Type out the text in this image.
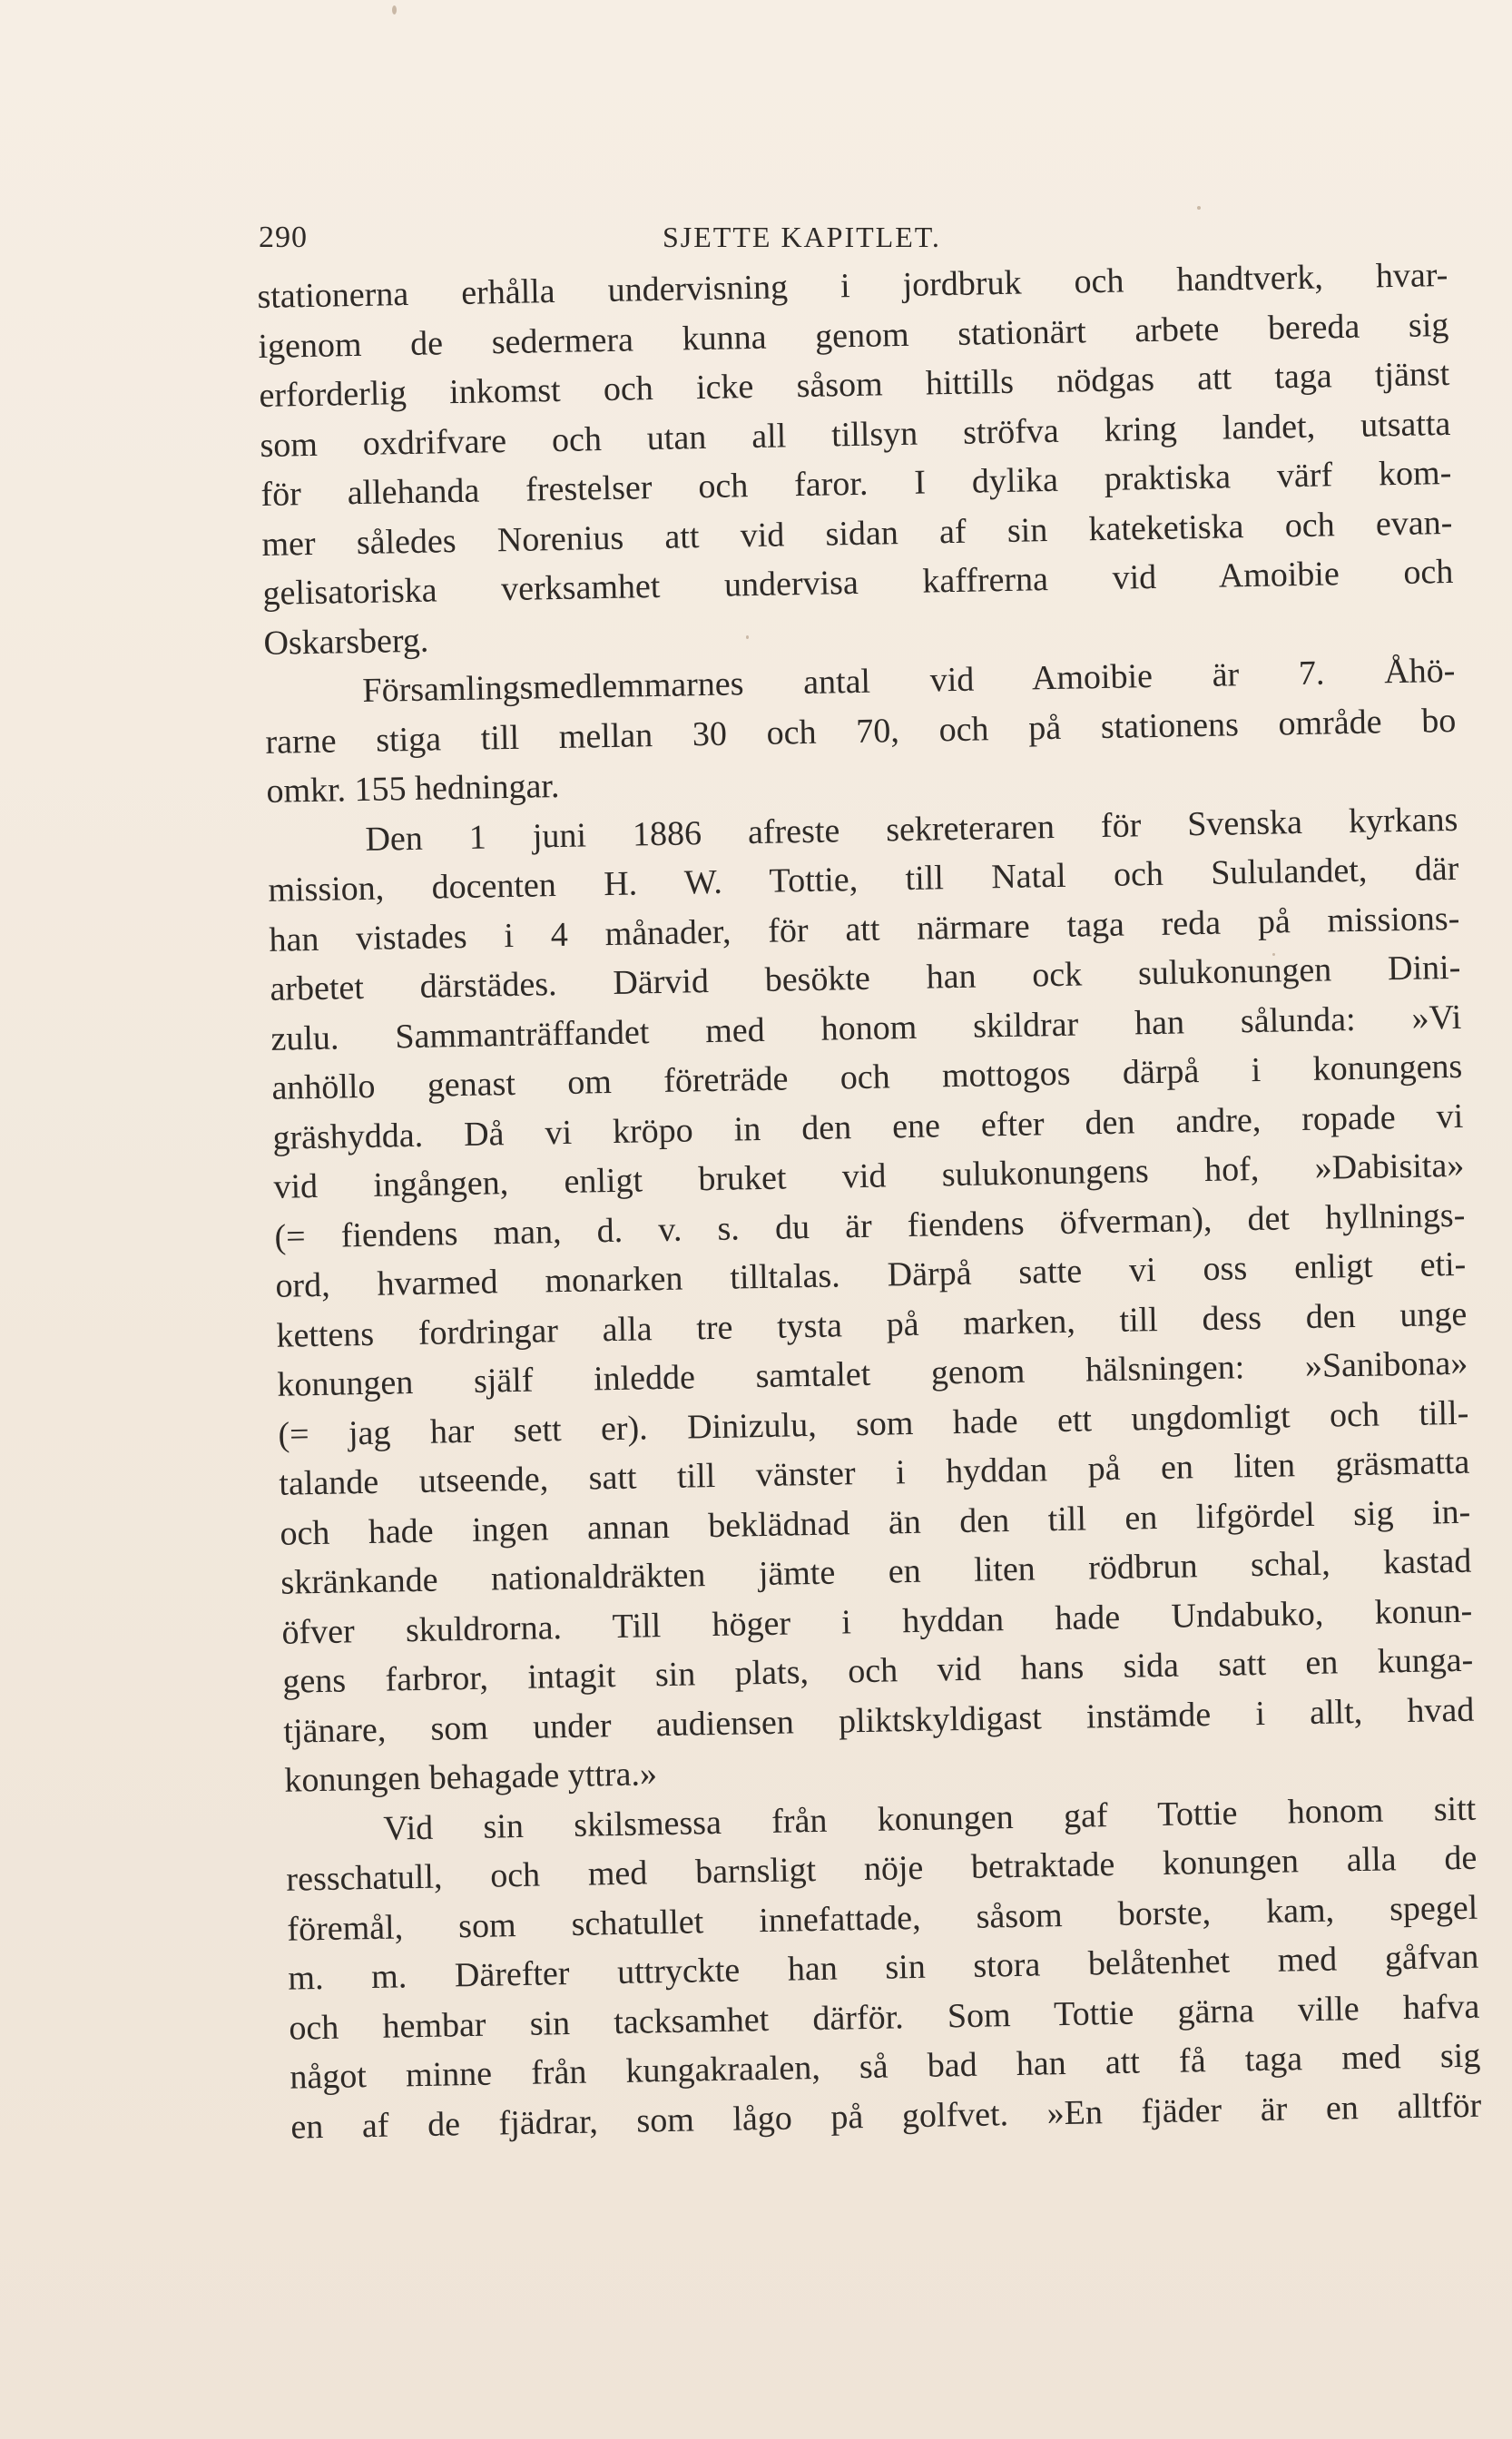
290	SJETTE KAPITLET.
stationerna erhålla undervisning i jordbruk och handtverk, hvar-
igenom de sedermera kunna genom stationärt arbete bereda sig
erforderlig inkomst och icke såsom hittills nödgas att taga tjänst
som oxdrifvare och utan all tillsyn ströfva kring landet, utsatta
för allehanda frestelser och faror. I dylika praktiska värf kom-
mer således Norenius att vid sidan af sin kateketiska och evan-
gelisatoriska verksamhet undervisa kaffrerna vid Amoibie och
Oskarsberg.
Församlingsmedlemmarnes antal vid Amoibie är 7. Åhö-
rarne stiga till mellan 30 och 70, och på stationens område bo
omkr. 155 hedningar.
Den 1 juni 1886 afreste sekreteraren för Svenska kyrkans
mission, docenten H. W. Tottie, till Natal och Sululandet, där
han vistades i 4 månader, för att närmare taga reda på missions-
arbetet därstädes. Därvid besökte han ock sulukonungen Dini-
zulu. Sammanträffandet med honom skildrar han sålunda: »Vi
anhöllo genast om företräde och mottogos därpå i konungens
gräshydda. Då vi kröpo in den ene efter den andre, ropade vi
vid ingången, enligt bruket vid sulukonungens hof, »Dabisita»
(= fiendens man, d. v. s. du är fiendens öfverman), det hyllnings-
ord, hvarmed monarken tilltalas. Därpå satte vi oss enligt eti-
kettens fordringar alla tre tysta på marken, till dess den unge
konungen själf inledde samtalet genom hälsningen: »Sanibona»
(= jag har sett er). Dinizulu, som hade ett ungdomligt och till-
talande utseende, satt till vänster i hyddan på en liten gräsmatta
och hade ingen annan beklädnad än den till en lifgördel sig in-
skränkande nationaldräkten jämte en liten rödbrun schal, kastad
öfver skuldrorna. Till höger i hyddan hade Undabuko, konun-
gens farbror, intagit sin plats, och vid hans sida satt en kunga-
tjänare, som under audiensen pliktskyldigast instämde i allt, hvad
konungen behagade yttra.»
Vid sin skilsmessa från konungen gaf Tottie honom sitt
resschatull, och med barnsligt nöje betraktade konungen alla de
föremål, som schatullet innefattade, såsom borste, kam, spegel
m. m. Därefter uttryckte han sin stora belåtenhet med gåfvan
och hembar sin tacksamhet därför. Som Tottie gärna ville hafva
något minne från kungakraalen, så bad han att få taga med sig
en af de fjädrar, som lågo på golfvet. »En fjäder är en alltför
